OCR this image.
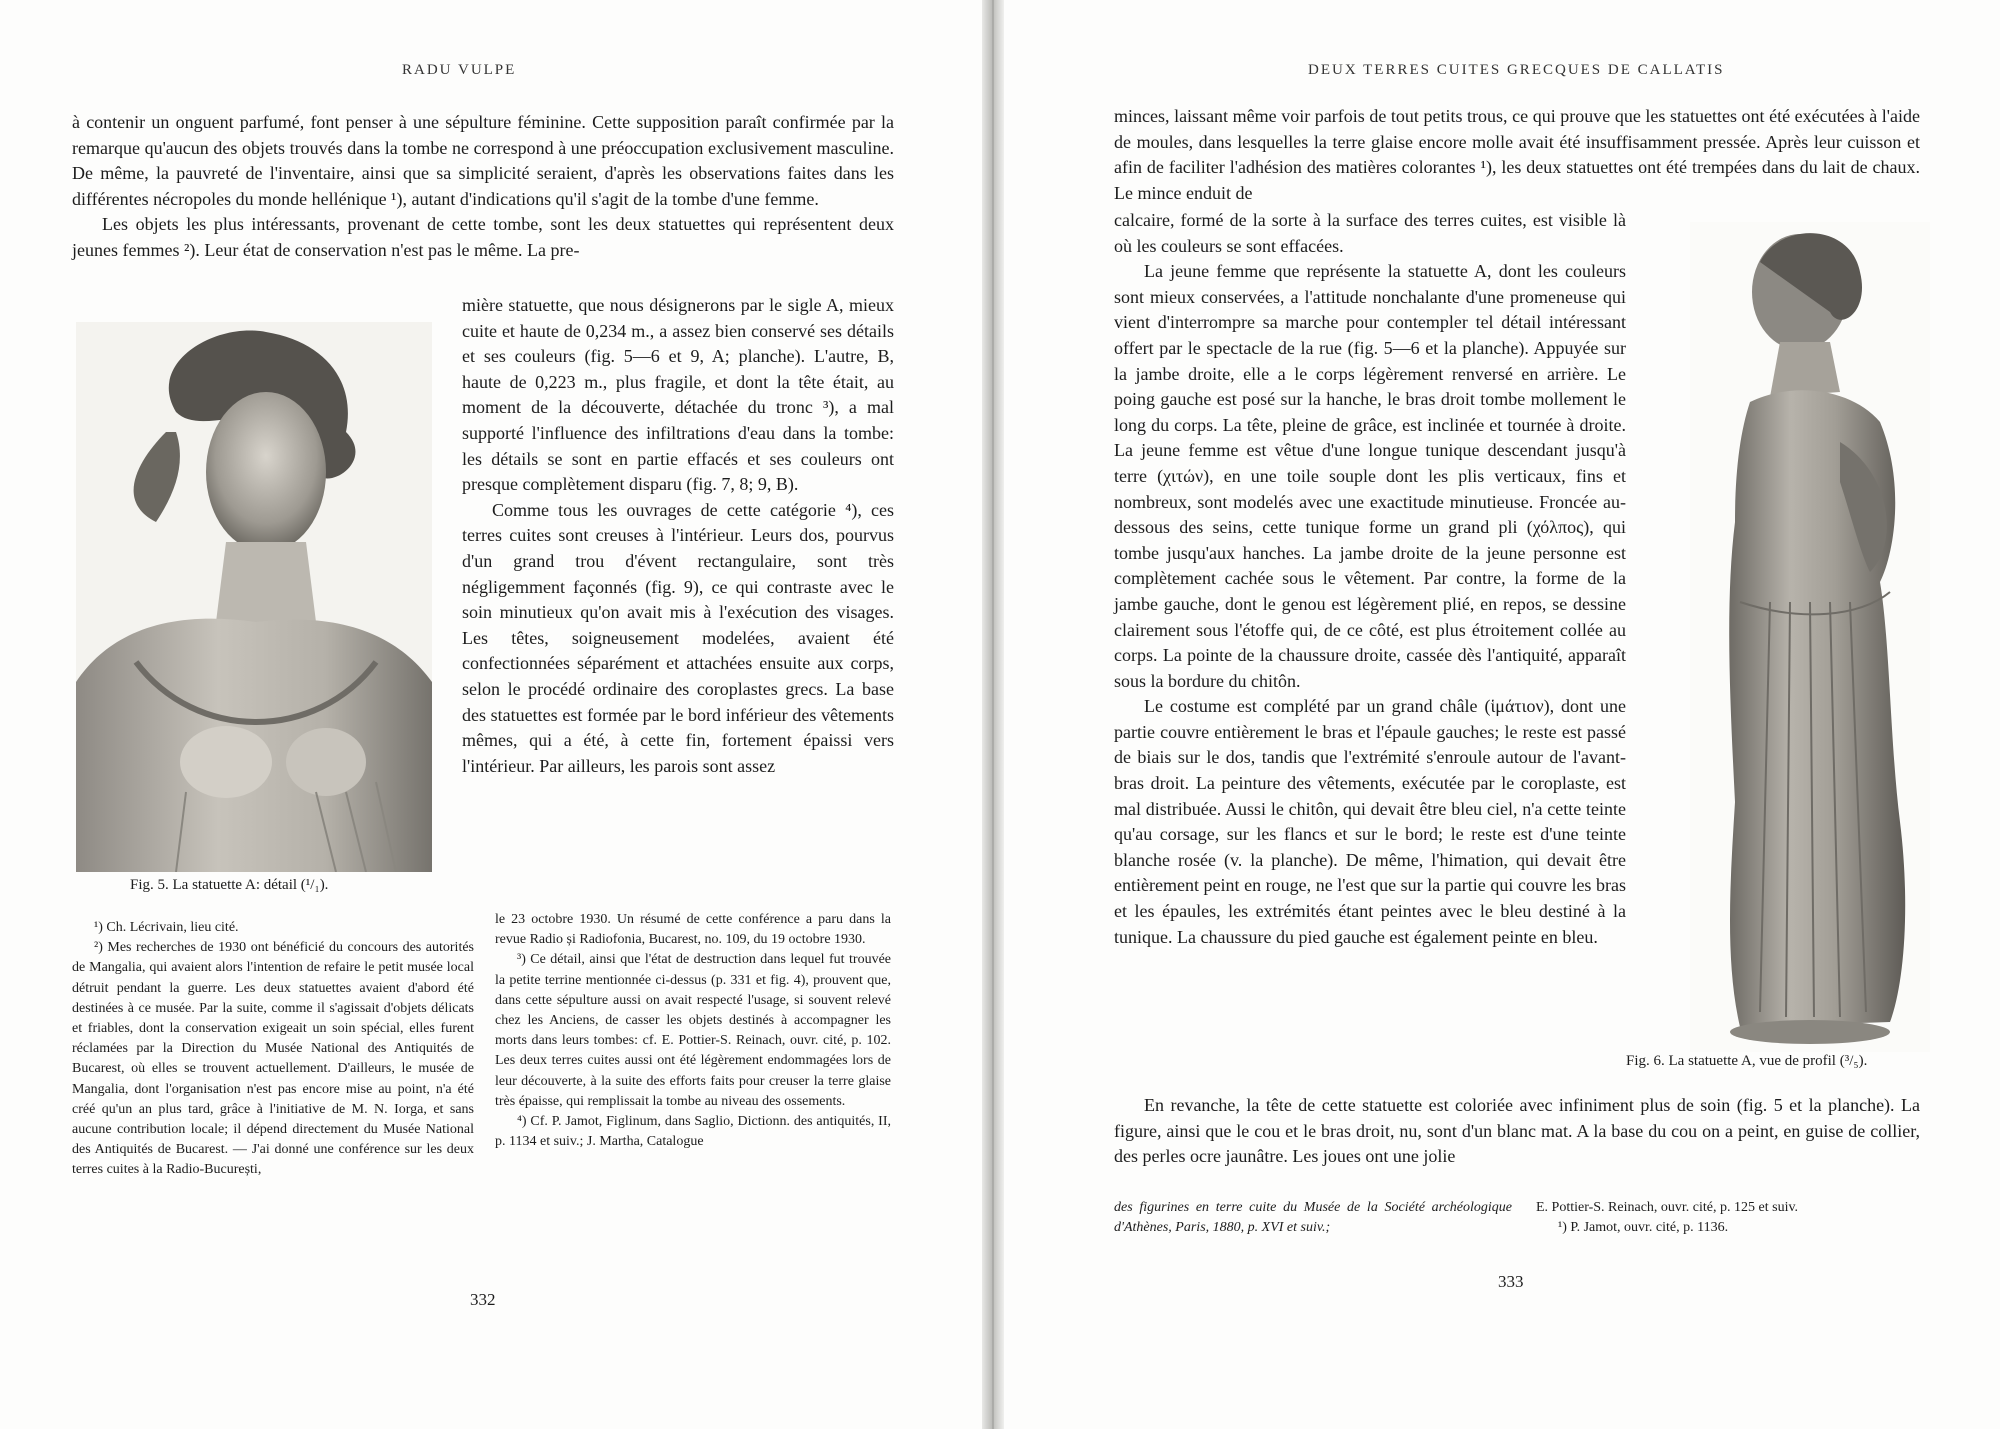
RADU VULPE

à contenir un onguent parfumé, font penser à une sépulture féminine. Cette supposition paraît confirmée par la remarque qu'aucun des objets trouvés dans la tombe ne correspond à une préoccupation exclusivement masculine. De même, la pauvreté de l'inventaire, ainsi que sa simplicité seraient, d'après les observations faites dans les différentes nécropoles du monde hellénique ¹), autant d'indications qu'il s'agit de la tombe d'une femme.

Les objets les plus intéressants, provenant de cette tombe, sont les deux statuettes qui représentent deux jeunes femmes ²). Leur état de conservation n'est pas le même. La pre-

mière statuette, que nous désignerons par le sigle A, mieux cuite et haute de 0,234 m., a assez bien conservé ses détails et ses couleurs (fig. 5—6 et 9, A; planche). L'autre, B, haute de 0,223 m., plus fragile, et dont la tête était, au moment de la découverte, détachée du tronc ³), a mal supporté l'influence des infiltrations d'eau dans la tombe: les détails se sont en partie effacés et ses couleurs ont presque complètement disparu (fig. 7, 8; 9, B).

Comme tous les ouvrages de cette catégorie ⁴), ces terres cuites sont creuses à l'intérieur. Leurs dos, pourvus d'un grand trou d'évent rectangulaire, sont très négligemment façonnés (fig. 9), ce qui contraste avec le soin minutieux qu'on avait mis à l'exécution des visages. Les têtes, soigneusement modelées, avaient été confectionnées séparément et attachées ensuite aux corps, selon le procédé ordinaire des coroplastes grecs. La base des statuettes est formée par le bord inférieur des vêtements mêmes, qui a été, à cette fin, fortement épaissi vers l'intérieur. Par ailleurs, les parois sont assez

Fig. 5. La statuette A: détail (¹/₁).

¹) Ch. Lécrivain, lieu cité.

²) Mes recherches de 1930 ont bénéficié du concours des autorités de Mangalia, qui avaient alors l'intention de refaire le petit musée local détruit pendant la guerre. Les deux statuettes avaient d'abord été destinées à ce musée. Par la suite, comme il s'agissait d'objets délicats et friables, dont la conservation exigeait un soin spécial, elles furent réclamées par la Direction du Musée National des Antiquités de Bucarest, où elles se trouvent actuellement. D'ailleurs, le musée de Mangalia, dont l'organisation n'est pas encore mise au point, n'a été créé qu'un an plus tard, grâce à l'initiative de M. N. Iorga, et sans aucune contribution locale; il dépend directement du Musée National des Antiquités de Bucarest. — J'ai donné une conférence sur les deux terres cuites à la Radio-București,

le 23 octobre 1930. Un résumé de cette conférence a paru dans la revue Radio și Radiofonia, Bucarest, no. 109, du 19 octobre 1930.

³) Ce détail, ainsi que l'état de destruction dans lequel fut trouvée la petite terrine mentionnée ci-dessus (p. 331 et fig. 4), prouvent que, dans cette sépulture aussi on avait respecté l'usage, si souvent relevé chez les Anciens, de casser les objets destinés à accompagner les morts dans leurs tombes: cf. E. Pottier-S. Reinach, ouvr. cité, p. 102. Les deux terres cuites aussi ont été légèrement endommagées lors de leur découverte, à la suite des efforts faits pour creuser la terre glaise très épaisse, qui remplissait la tombe au niveau des ossements.

⁴) Cf. P. Jamot, Figlinum, dans Saglio, Dictionn. des antiquités, II, p. 1134 et suiv.; J. Martha, Catalogue

332
DEUX TERRES CUITES GRECQUES DE CALLATIS

minces, laissant même voir parfois de tout petits trous, ce qui prouve que les statuettes ont été exécutées à l'aide de moules, dans lesquelles la terre glaise encore molle avait été insuffisamment pressée. Après leur cuisson et afin de faciliter l'adhésion des matières colorantes ¹), les deux statuettes ont été trempées dans du lait de chaux. Le mince enduit de

calcaire, formé de la sorte à la surface des terres cuites, est visible là où les couleurs se sont effacées.

La jeune femme que représente la statuette A, dont les couleurs sont mieux conservées, a l'attitude nonchalante d'une promeneuse qui vient d'interrompre sa marche pour contempler tel détail intéressant offert par le spectacle de la rue (fig. 5—6 et la planche). Appuyée sur la jambe droite, elle a le corps légèrement renversé en arrière. Le poing gauche est posé sur la hanche, le bras droit tombe mollement le long du corps. La tête, pleine de grâce, est inclinée et tournée à droite. La jeune femme est vêtue d'une longue tunique descendant jusqu'à terre (χιτών), en une toile souple dont les plis verticaux, fins et nombreux, sont modelés avec une exactitude minutieuse. Froncée au-dessous des seins, cette tunique forme un grand pli (χόλπος), qui tombe jusqu'aux hanches. La jambe droite de la jeune personne est complètement cachée sous le vêtement. Par contre, la forme de la jambe gauche, dont le genou est légèrement plié, en repos, se dessine clairement sous l'étoffe qui, de ce côté, est plus étroitement collée au corps. La pointe de la chaussure droite, cassée dès l'antiquité, apparaît sous la bordure du chitôn.

Le costume est complété par un grand châle (ἱμάτιον), dont une partie couvre entièrement le bras et l'épaule gauches; le reste est passé de biais sur le dos, tandis que l'extrémité s'enroule autour de l'avant-bras droit. La peinture des vêtements, exécutée par le coroplaste, est mal distribuée. Aussi le chitôn, qui devait être bleu ciel, n'a cette teinte qu'au corsage, sur les flancs et sur le bord; le reste est d'une teinte blanche rosée (v. la planche). De même, l'himation, qui devait être entièrement peint en rouge, ne l'est que sur la partie qui couvre les bras et les épaules, les extrémités étant peintes avec le bleu destiné à la tunique. La chaussure du pied gauche est également peinte en bleu.

Fig. 6. La statuette A, vue de profil (³/₅).

En revanche, la tête de cette statuette est coloriée avec infiniment plus de soin (fig. 5 et la planche). La figure, ainsi que le cou et le bras droit, nu, sont d'un blanc mat. A la base du cou on a peint, en guise de collier, des perles ocre jaunâtre. Les joues ont une jolie

des figurines en terre cuite du Musée de la Société archéologique d'Athènes, Paris, 1880, p. XVI et suiv.;

E. Pottier-S. Reinach, ouvr. cité, p. 125 et suiv.

¹) P. Jamot, ouvr. cité, p. 1136.

333
